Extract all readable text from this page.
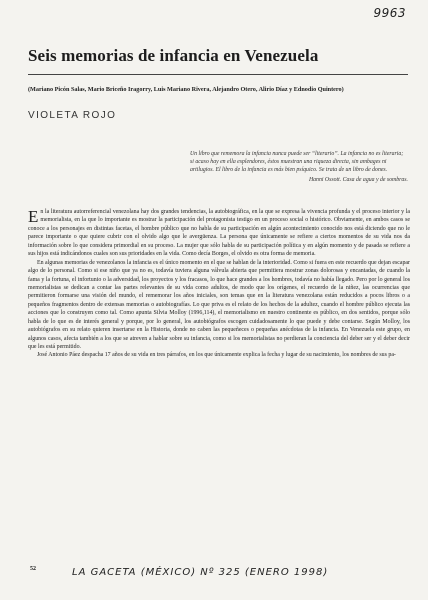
9963
Seis memorias de infancia en Venezuela
(Mariano Picón Salas, Mario Briceño Iragorry, Luis Mariano Rivera, Alejandro Otero, Alirio Díaz y Ednodio Quintero)
VIOLETA ROJO
Un libro que rememora la infancia nunca puede ser “literario”. La infancia no es literaria; si acaso hay en ella esplendores, éstos muestran una riqueza directa, sin ambages ni artilugios. El libro de la infancia es más bien psíquico. Se trata de un libro de dones.
Hanni Ossott. Casa de agua y de sombras.

En la literatura autorreferencial venezolana hay dos grandes tendencias, la autobiográfica, en la que se expresa la vivencia profunda y el proceso interior y la memorialista, en la que lo importante es mostrar la participación del protagonista testigo en un proceso social o histórico. Obviamente, en ambos casos se conoce a los personajes en distintas facetas, el hombre público que no habla de su participación en algún acontecimiento conocido nos está diciendo que no le parece importante o que quiere cubrir con el olvido algo que le avergüenza. La persona que únicamente se refiere a ciertos momentos de su vida nos da información sobre lo que considera primordial en su proceso. La mujer que sólo habla de su participación política y en algún momento y de pasada se refiere a sus hijos está indicándonos cuales son sus prioridades en la vida. Como decía Borges, el olvido es otra forma de memoria.

En algunas memorias de venezolanos la infancia es el único momento en el que se hablan de la interioridad. Como si fuera en este recuerdo que dejan escapar algo de lo personal. Como si ese niño que ya no es, todavía tuviera alguna válvula abierta que permitiera mostrar zonas dolorosas y encantadas, de cuando la fama y la fortuna, el infortunio o la adversidad, los proyectos y los fracasos, lo que hace grandes a los hombres, todavía no había llegado. Pero por lo general los memorialistas se dedican a contar las partes relevantes de su vida como adultos, de modo que los orígenes, el recuerdo de la niñez, las ocurrencias que permitieron formarse una visión del mundo, el rememorar los años iniciales, son temas que en la literatura venezolana están reducidos a pocos libros o a pequeños fragmentos dentro de extensas memorias o autobiografías. Lo que priva es el relato de los hechos de la adultez, cuando el hombre público ejecuta las acciones que lo construyen como tal. Como apunta Silvia Molloy (1996,114), el memorialismo en nuestro continente es público, en dos sentidos, porque sólo habla de lo que es de interés general y porque, por lo general, los autobiógrafos escogen cuidadosamente lo que puede y debe contarse. Según Molloy, los autobiógrafos en su relato quieren insertarse en la Historia, donde no caben las pequeñeces o pequeñas anécdotas de la infancia. En Venezuela este grupo, en algunos casos, afecta también a los que se atreven a hablar sobre su infancia, como si los memorialistas no perdieran la conciencia del deber ser y el deber decir que les está permitido.

José Antonio Páez despacha 17 años de su vida en tres párrafos, en los que únicamente explica la fecha y lugar de su nacimiento, los nombres de sus pa-

52	LA GACETA (MÉXICO) Nº 325 (ENERO 1998)
